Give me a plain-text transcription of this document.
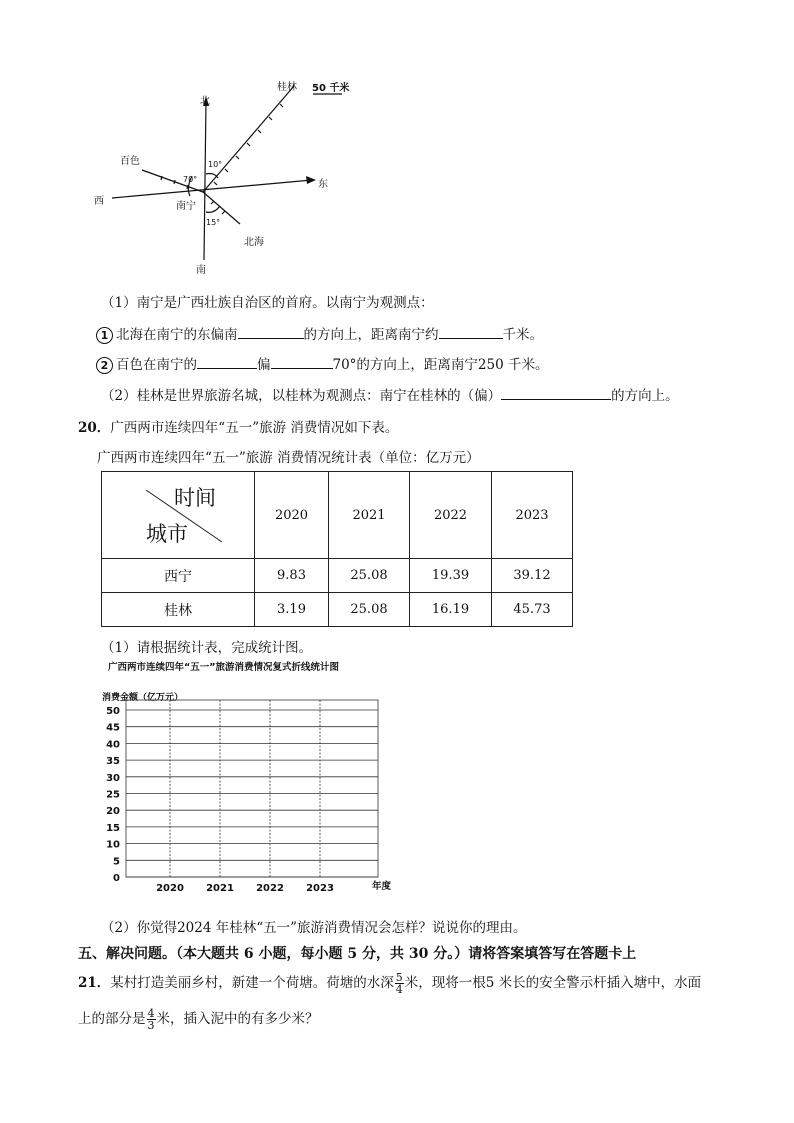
北
南
东
西	南宁
百色
桂林
北海
50 千米
70°
10°
15°
（1）南宁是广西壮族自治区的首府。以南宁为观测点：
1 北海在南宁的东偏南	的方向上，距离南宁约	千米。
2 百色在南宁的	偏	70°的方向上，距离南宁250 千米。
（2）桂林是世界旅游名城，以桂林为观测点：南宁在桂林的（偏）	的方向上。
20．广西两市连续四年“五一”旅游 消费情况如下表。
广西两市连续四年“五一”旅游 消费情况统计表（单位：亿万元）
时间
城市	2020	2021	2022	2023
西宁	9.83	25.08	19.39	39.12
桂林	3.19	25.08	16.19	45.73
（1）请根据统计表，完成统计图。
广西两市连续四年“五一”旅游消费情况复式折线统计图
消费金额（亿万元）
年度
50
45
40
35
30
25
20
15
10
5
0
2020 2021 2022 2023
（2）你觉得2024 年桂林“五一”旅游消费情况会怎样？说说你的理由。
五、解决问题。（本大题共 6 小题，每小题 5 分，共 30 分。）请将答案填答写在答题卡上
21．某村打造美丽乡村，新建一个荷塘。荷塘的水深 $\frac{5}{4}$ 米，现将一根5 米长的安全警示杆插入塘中，水面
上的部分是 $\frac{4}{3}$ 米，插入泥中的有多少米？
